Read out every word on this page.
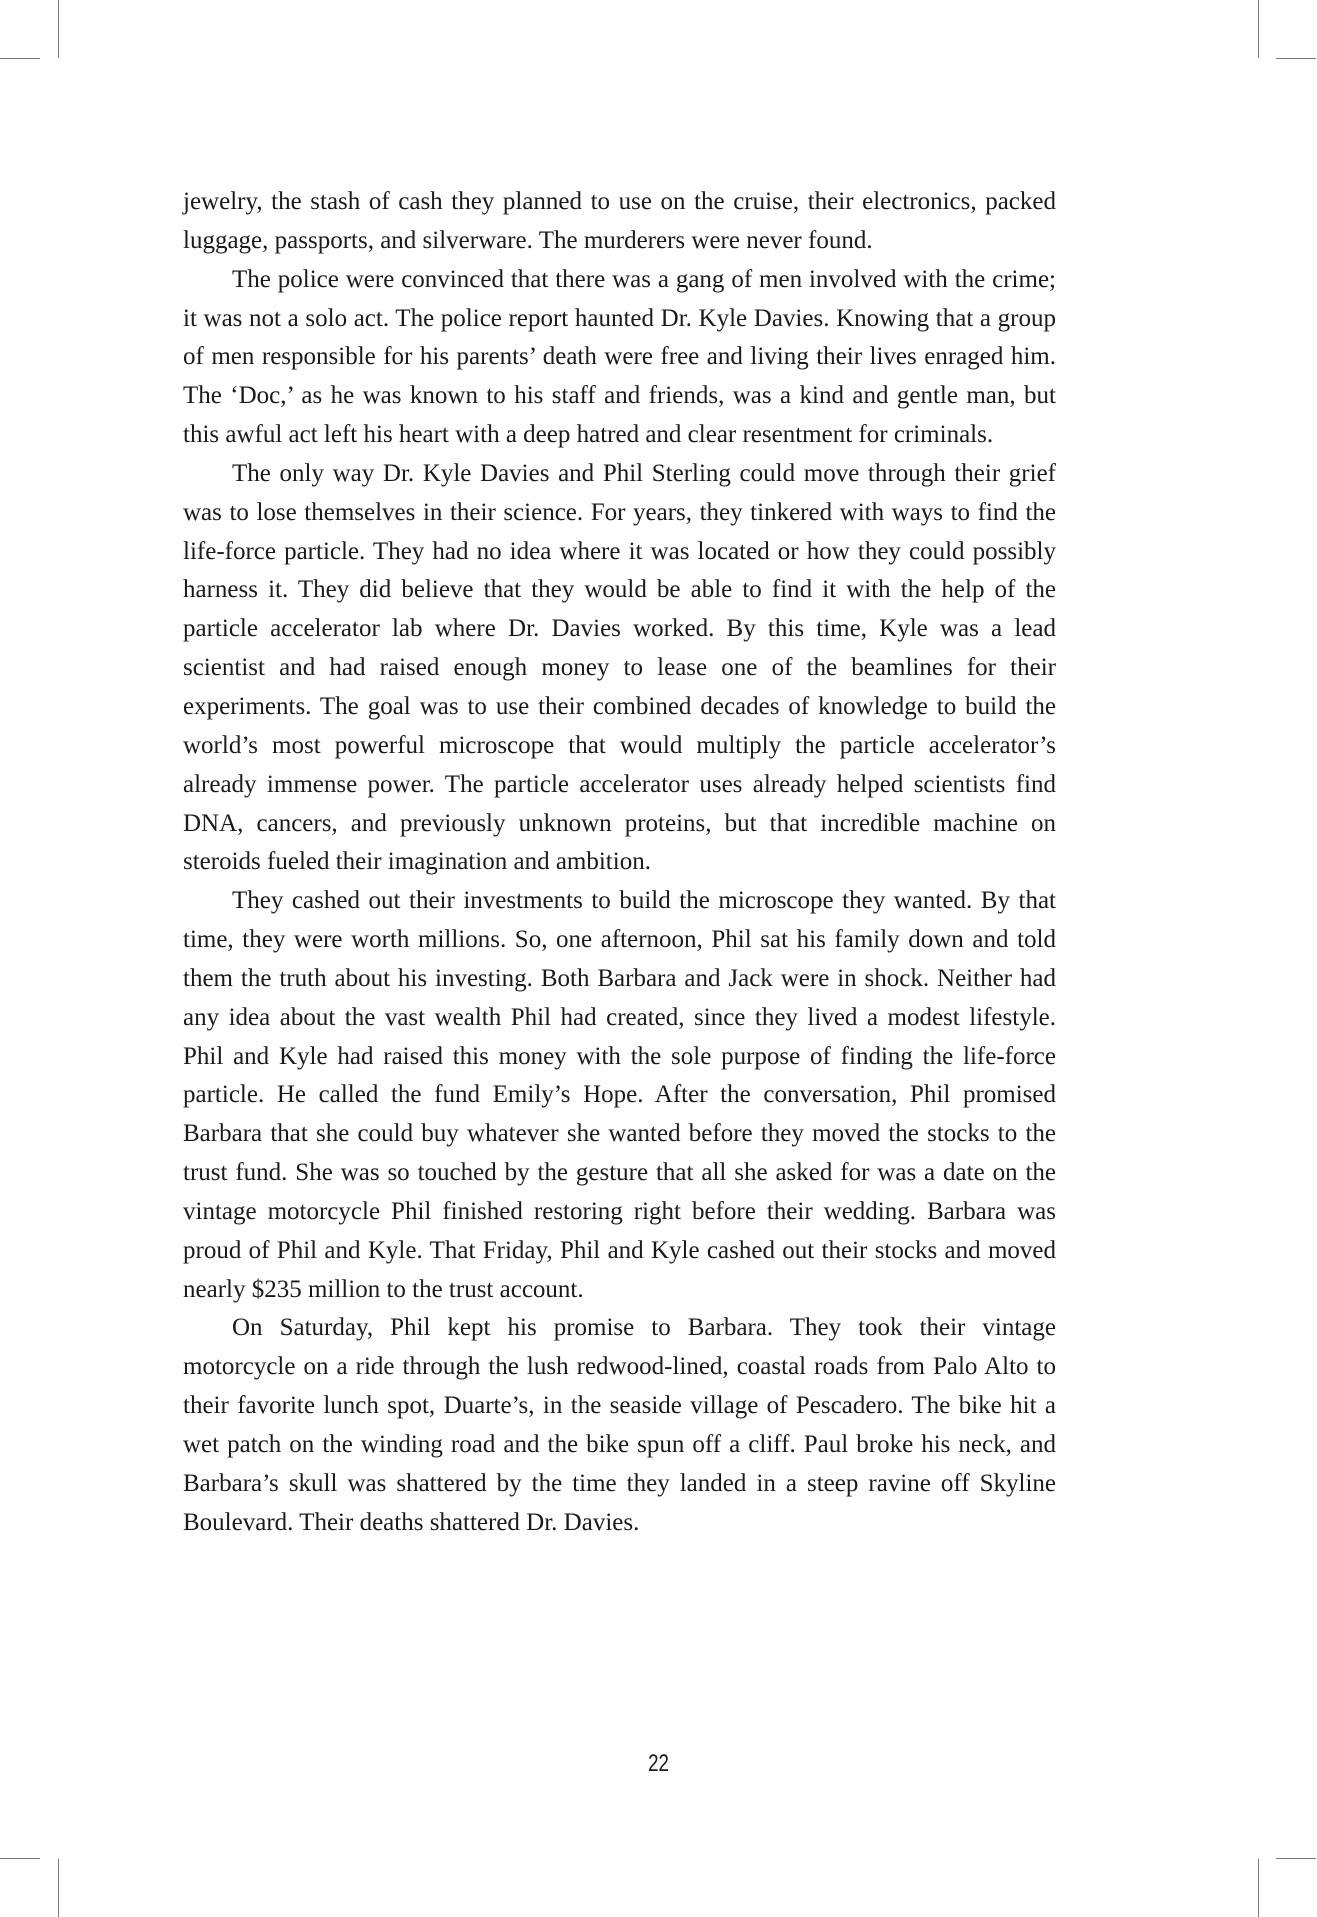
jewelry, the stash of cash they planned to use on the cruise, their electronics, packed luggage, passports, and silverware. The murderers were never found.

The police were convinced that there was a gang of men involved with the crime; it was not a solo act. The police report haunted Dr. Kyle Davies. Knowing that a group of men responsible for his parents’ death were free and living their lives enraged him. The ‘Doc,’ as he was known to his staff and friends, was a kind and gentle man, but this awful act left his heart with a deep hatred and clear resentment for criminals.

The only way Dr. Kyle Davies and Phil Sterling could move through their grief was to lose themselves in their science. For years, they tinkered with ways to find the life-force particle. They had no idea where it was located or how they could possibly harness it. They did believe that they would be able to find it with the help of the particle accelerator lab where Dr. Davies worked. By this time, Kyle was a lead scientist and had raised enough money to lease one of the beamlines for their experiments. The goal was to use their combined decades of knowledge to build the world’s most powerful microscope that would multiply the particle accelerator’s already immense power. The particle accelerator uses already helped scientists find DNA, cancers, and previously unknown proteins, but that incredible machine on steroids fueled their imagination and ambition.

They cashed out their investments to build the microscope they wanted. By that time, they were worth millions. So, one afternoon, Phil sat his family down and told them the truth about his investing. Both Barbara and Jack were in shock. Neither had any idea about the vast wealth Phil had created, since they lived a modest lifestyle. Phil and Kyle had raised this money with the sole purpose of finding the life-force particle. He called the fund Emily’s Hope. After the conversation, Phil promised Barbara that she could buy whatever she wanted before they moved the stocks to the trust fund. She was so touched by the gesture that all she asked for was a date on the vintage motorcycle Phil finished restoring right before their wedding. Barbara was proud of Phil and Kyle. That Friday, Phil and Kyle cashed out their stocks and moved nearly $235 million to the trust account.

On Saturday, Phil kept his promise to Barbara. They took their vintage motorcycle on a ride through the lush redwood-lined, coastal roads from Palo Alto to their favorite lunch spot, Duarte’s, in the seaside village of Pescadero. The bike hit a wet patch on the winding road and the bike spun off a cliff. Paul broke his neck, and Barbara’s skull was shattered by the time they landed in a steep ravine off Skyline Boulevard. Their deaths shattered Dr. Davies.

22
